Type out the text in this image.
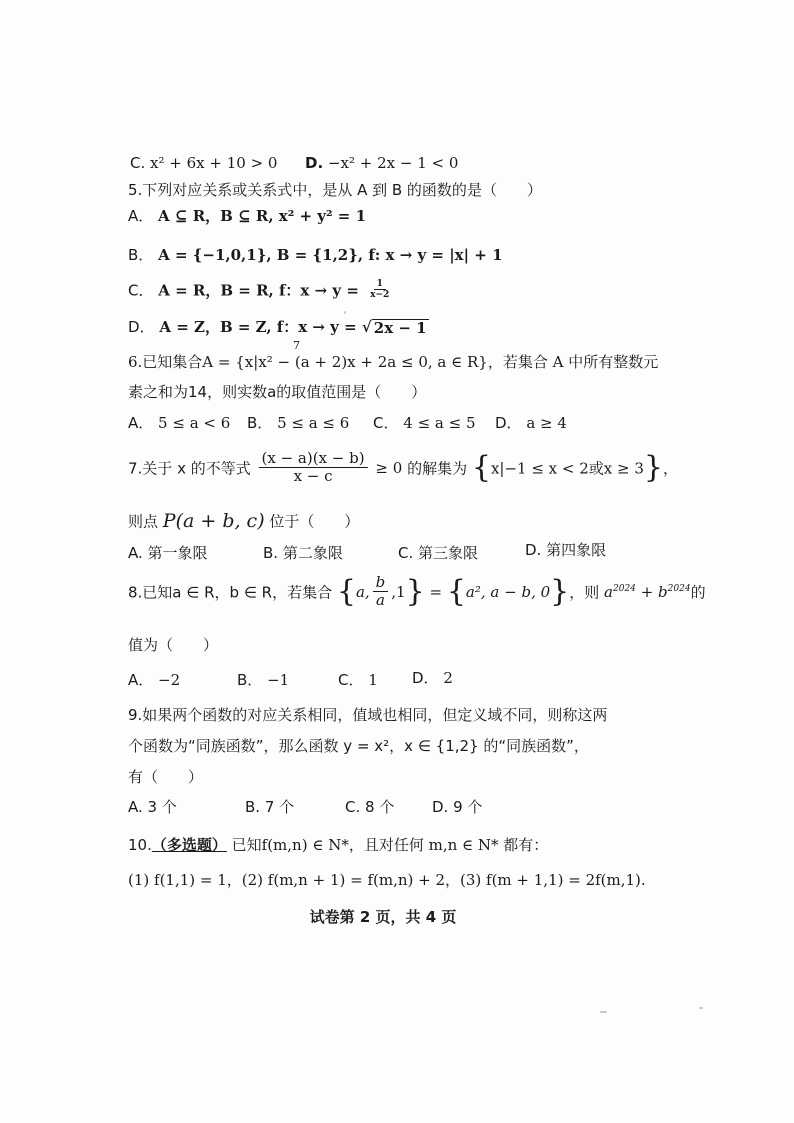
C. x² + 6x + 10 > 0 D. −x² + 2x − 1 < 0
5.下列对应关系或关系式中，是从 A 到 B 的函数的是（　　）
A． A ⊆ R，B ⊆ R, x² + y² = 1
B． A = {−1,0,1}, B = {1,2}, f: x → y = |x| + 1
C． A = R，B = R, f：$x \to y = \frac{1}{x-2}$
D． A = Z，B = Z, f：x → y = √ 2x − 1
7
6.已知集合A = {x|x² − (a + 2)x + 2a ≤ 0, a ∈ R}，若集合 A 中所有整数元
素之和为14，则实数a的取值范围是（　　）
A． 5 ≤ a < 6 B． 5 ≤ a ≤ 6 C． 4 ≤ a ≤ 5 D． a ≥ 4
7.关于 x 的不等式 $\frac{(x - a)(x - b)}{x - c} \ge 0$ 的解集为 {x|−1 ≤ x < 2或x ≥ 3}，
则点 P(a + b, c) 位于（　　）
A. 第一象限	B. 第二象限	C. 第三象限	D. 第四象限
8.已知a ∈ R，b ∈ R，若集合 {a, $\frac{b}{a} ,1\} = \{a^2$, a − b, 0}，则 $a^{2024} + b^{2024}$的
值为（　　）
A． −2	B． −1	C． 1 D． 2
9.如果两个函数的对应关系相同，值域也相同，但定义域不同，则称这两
个函数为“同族函数”，那么函数 y = x²，x ∈ {1,2} 的“同族函数”，
有（　　）
A. 3 个	B. 7 个	C. 8 个	D. 9 个
10.（多选题） 已知f(m,n) ∈ N*，且对任何 m,n ∈ N* 都有：
(1) f(1,1) = 1，(2) f(m,n + 1) = f(m,n) + 2，(3) f(m + 1,1) = 2f(m,1).
试卷第 2 页，共 4 页
